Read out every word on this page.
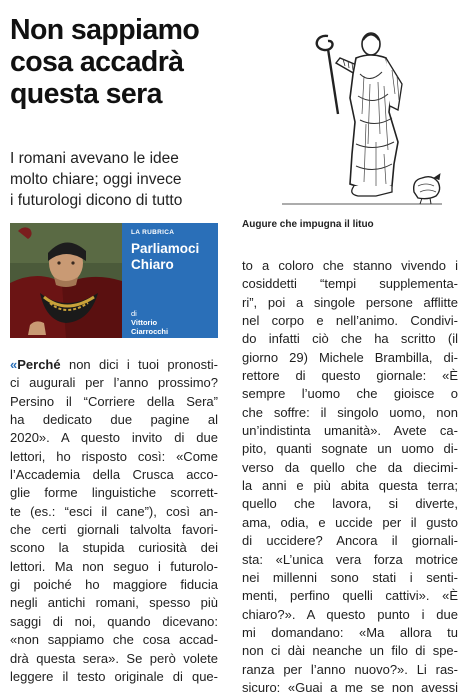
Non sappiamo
cosa accadrà
questa sera
I romani avevano le idee
molto chiare; oggi invece
i futurologi dicono di tutto
Augure che impugna il lituo
LA RUBRICA
Parliamoci
Chiaro
di
Vittorio
Ciarrocchi
«Perché non dici i tuoi pronosti-
ci augurali per l’anno prossimo?
Persino il “Corriere della Sera”
ha dedicato due pagine al
2020». A questo invito di due
lettori, ho risposto così: «Come
l’Accademia della Crusca acco-
glie forme linguistiche scorrett-
te (es.: “esci il cane”), così an-
che certi giornali talvolta favori-
scono la stupida curiosità dei
lettori. Ma non seguo i futurolo-
gi poiché ho maggiore fiducia
negli antichi romani, spesso più
saggi di noi, quando dicevano:
«non sappiamo che cosa accad-
drà questa sera». Se però volete
leggere il testo originale di que-
to a coloro che stanno vivendo i
cosiddetti “tempi supplementa-
ri”, poi a singole persone afflitte
nel corpo e nell’animo. Condivi-
do infatti ciò che ha scritto (il
giorno 29) Michele Brambilla, di-
rettore di questo giornale: «È
sempre l’uomo che gioisce o
che soffre: il singolo uomo, non
un’indistinta umanità». Avete ca-
pito, quanti sognate un uomo di-
verso da quello che da diecimi-
la anni e più abita questa terra;
quello che lavora, si diverte,
ama, odia, e uccide per il gusto
di uccidere? Ancora il giornali-
sta: «L’unica vera forza motrice
nei millenni sono stati i senti-
menti, perfino quelli cattivi». «È
chiaro?». A questo punto i due
mi domandano: «Ma allora tu
non ci dài neanche un filo di spe-
ranza per l’anno nuovo?». Li ras-
sicuro: «Guai a me se non avessi
